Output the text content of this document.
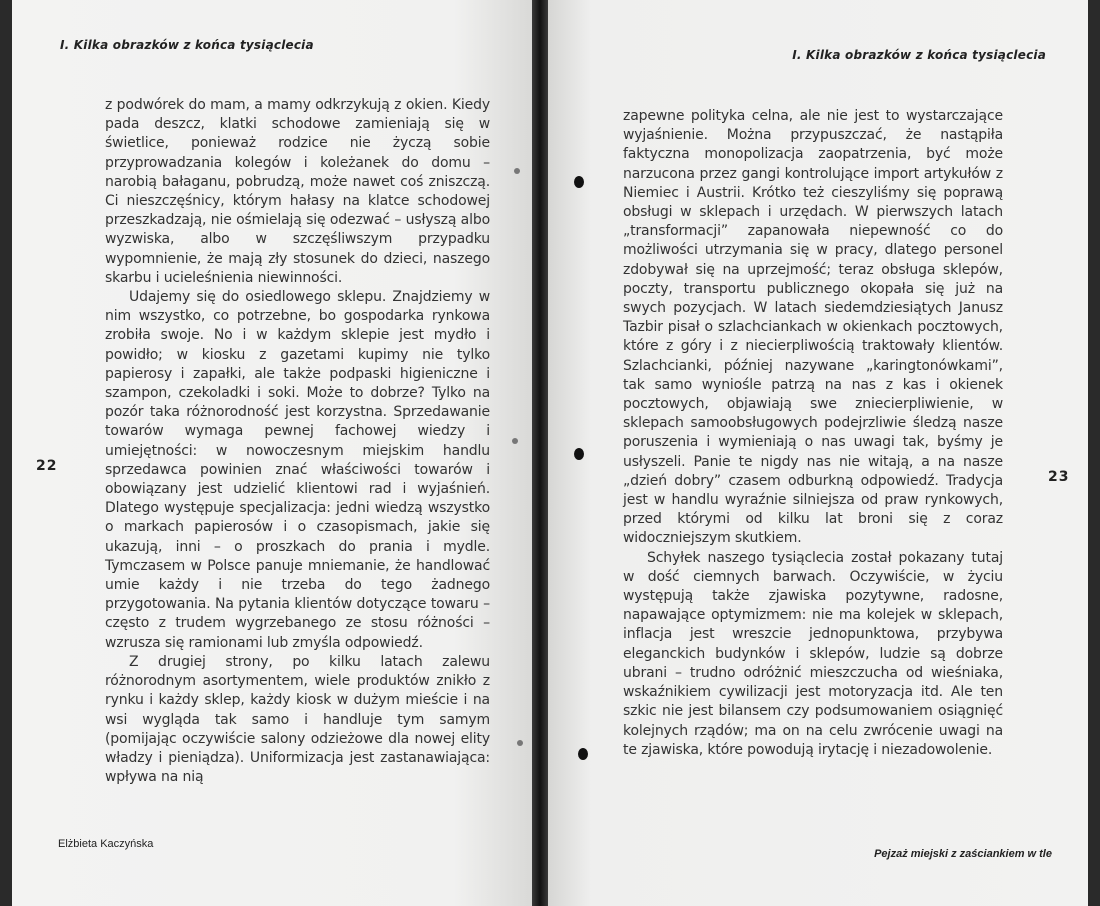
I. Kilka obrazków z końca tysiąclecia

z podwórek do mam, a mamy odkrzykują z okien. Kiedy pada deszcz, klatki schodowe zamieniają się w świetlice, ponieważ rodzice nie życzą sobie przyprowadzania kolegów i koleżanek do domu – narobią bałaganu, pobrudzą, może nawet coś zniszczą. Ci nieszczęśnicy, którym hałasy na klatce schodowej przeszkadzają, nie ośmielają się odezwać – usłyszą albo wyzwiska, albo w szczęśliwszym przypadku wypomnienie, że mają zły stosunek do dzieci, naszego skarbu i ucieleśnienia niewinności.

Udajemy się do osiedlowego sklepu. Znajdziemy w nim wszystko, co potrzebne, bo gospodarka rynkowa zrobiła swoje. No i w każdym sklepie jest mydło i powidło; w kiosku z gazetami kupimy nie tylko papierosy i zapałki, ale także podpaski higieniczne i szampon, czekoladki i soki. Może to dobrze? Tylko na pozór taka różnorodność jest korzystna. Sprzedawanie towarów wymaga pewnej fachowej wiedzy i umiejętności: w nowoczesnym miejskim handlu sprzedawca powinien znać właściwości towarów i obowiązany jest udzielić klientowi rad i wyjaśnień. Dlatego występuje specjalizacja: jedni wiedzą wszystko o markach papierosów i o czasopismach, jakie się ukazują, inni – o proszkach do prania i mydle. Tymczasem w Polsce panuje mniemanie, że handlować umie każdy i nie trzeba do tego żadnego przygotowania. Na pytania klientów dotyczące towaru – często z trudem wygrzebanego ze stosu różności – wzrusza się ramionami lub zmyśla odpowiedź.

Z drugiej strony, po kilku latach zalewu różnorodnym asortymentem, wiele produktów znikło z rynku i każdy sklep, każdy kiosk w dużym mieście i na wsi wygląda tak samo i handluje tym samym (pomijając oczywiście salony odzieżowe dla nowej elity władzy i pieniądza). Uniformizacja jest zastanawiająca: wpływa na nią

22
Elżbieta Kaczyńska
I. Kilka obrazków z końca tysiąclecia

zapewne polityka celna, ale nie jest to wystarczające wyjaśnienie. Można przypuszczać, że nastąpiła faktyczna monopolizacja zaopatrzenia, być może narzucona przez gangi kontrolujące import artykułów z Niemiec i Austrii. Krótko też cieszyliśmy się poprawą obsługi w sklepach i urzędach. W pierwszych latach „transformacji” zapanowała niepewność co do możliwości utrzymania się w pracy, dlatego personel zdobywał się na uprzejmość; teraz obsługa sklepów, poczty, transportu publicznego okopała się już na swych pozycjach. W latach siedemdziesiątych Janusz Tazbir pisał o szlachciankach w okienkach pocztowych, które z góry i z niecierpliwością traktowały klientów. Szlachcianki, później nazywane „karingtonówkami”, tak samo wyniośle patrzą na nas z kas i okienek pocztowych, objawiają swe zniecierpliwienie, w sklepach samoobsługowych podejrzliwie śledzą nasze poruszenia i wymieniają o nas uwagi tak, byśmy je usłyszeli. Panie te nigdy nas nie witają, a na nasze „dzień dobry” czasem odburkną odpowiedź. Tradycja jest w handlu wyraźnie silniejsza od praw rynkowych, przed którymi od kilku lat broni się z coraz widoczniejszym skutkiem.

Schyłek naszego tysiąclecia został pokazany tutaj w dość ciemnych barwach. Oczywiście, w życiu występują także zjawiska pozytywne, radosne, napawające optymizmem: nie ma kolejek w sklepach, inflacja jest wreszcie jednopunktowa, przybywa eleganckich budynków i sklepów, ludzie są dobrze ubrani – trudno odróżnić mieszczucha od wieśniaka, wskaźnikiem cywilizacji jest motoryzacja itd. Ale ten szkic nie jest bilansem czy podsumowaniem osiągnięć kolejnych rządów; ma on na celu zwrócenie uwagi na te zjawiska, które powodują irytację i niezadowolenie.

23
Pejzaż miejski z zaściankiem w tle
